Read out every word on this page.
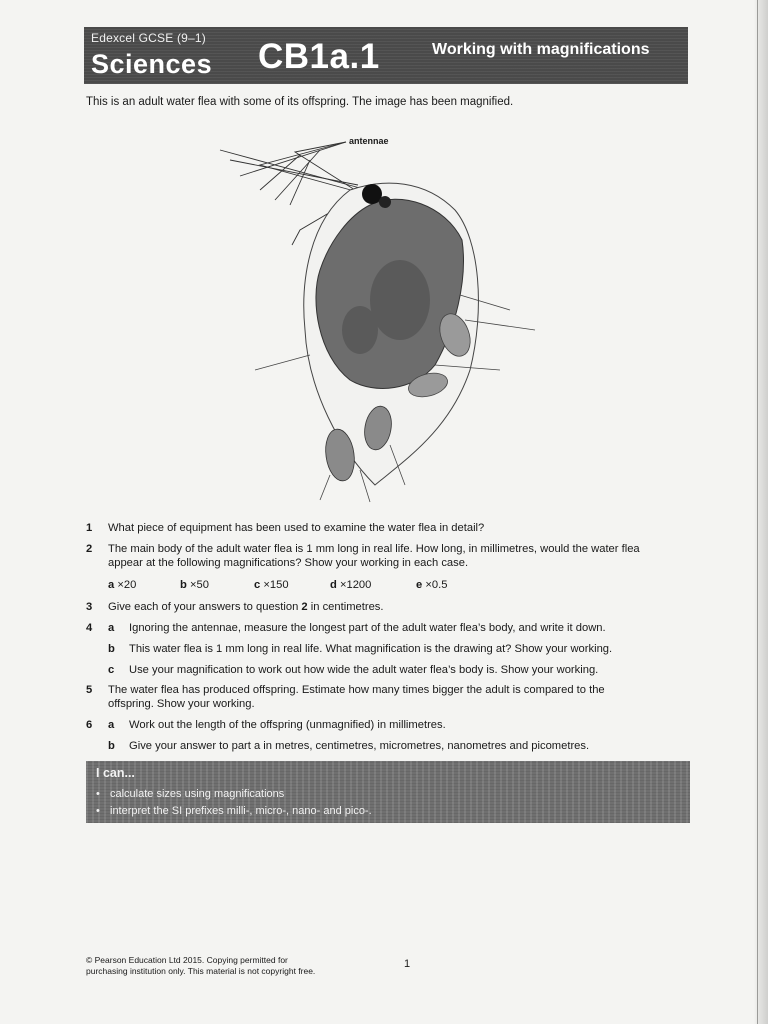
Edexcel GCSE (9–1)
Sciences CB1a.1	Working with magnifications
This is an adult water flea with some of its offspring. The image has been magnified.
antennae
1 What piece of equipment has been used to examine the water flea in detail?
2 The main body of the adult water flea is 1 mm long in real life. How long, in millimetres, would the water flea
appear at the following magnifications? Show your working in each case.
a ×20	b ×50	c ×150	d ×1200	e ×0.5
3 Give each of your answers to question 2 in centimetres.
4 a Ignoring the antennae, measure the longest part of the adult water flea’s body, and write it down.
b This water flea is 1 mm long in real life. What magnification is the drawing at? Show your working.
c Use your magnification to work out how wide the adult water flea’s body is. Show your working.
5 The water flea has produced offspring. Estimate how many times bigger the adult is compared to the
offspring. Show your working.
6 a Work out the length of the offspring (unmagnified) in millimetres.
b Give your answer to part a in metres, centimetres, micrometres, nanometres and picometres.
I can...
• calculate sizes using magnifications
• interpret the SI prefixes milli-, micro-, nano- and pico-.
© Pearson Education Ltd 2015. Copying permitted for
purchasing institution only. This material is not copyright free.
1
